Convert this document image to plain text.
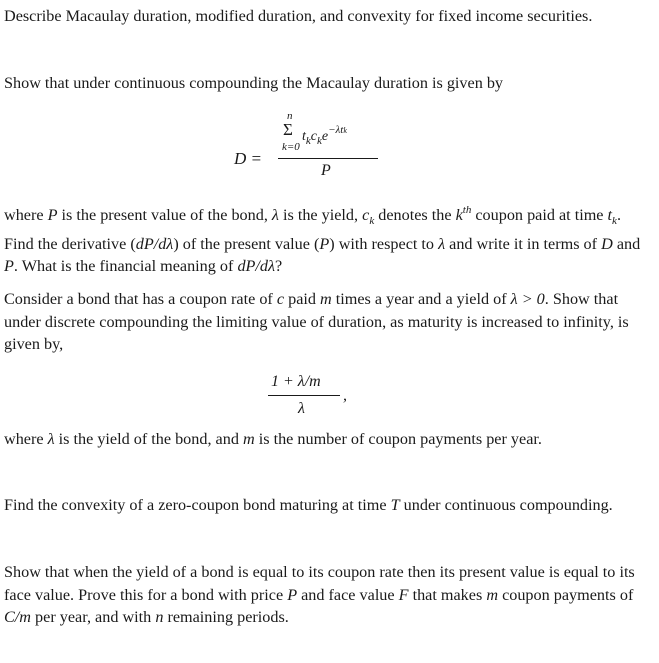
Describe Macaulay duration, modified duration, and convexity for fixed income securities.

Show that under continuous compounding the Macaulay duration is given by

n
Σ $t_kc_ke^{-\lambda tk}$
k=0
D =
P

where P is the present value of the bond, λ is the yield, $c_k$ denotes the $k^{th}$ coupon paid at time $t_k$. Find the derivative (dP/dλ) of the present value (P) with respect to λ and write it in terms of D and P. What is the financial meaning of dP/dλ?

Consider a bond that has a coupon rate of c paid m times a year and a yield of λ > 0. Show that under discrete compounding the limiting value of duration, as maturity is increased to infinity, is given by,

1 + λ/m
,
λ

where λ is the yield of the bond, and m is the number of coupon payments per year.

Find the convexity of a zero-coupon bond maturing at time T under continuous compounding.

Show that when the yield of a bond is equal to its coupon rate then its present value is equal to its face value. Prove this for a bond with price P and face value F that makes m coupon payments of C/m per year, and with n remaining periods.
